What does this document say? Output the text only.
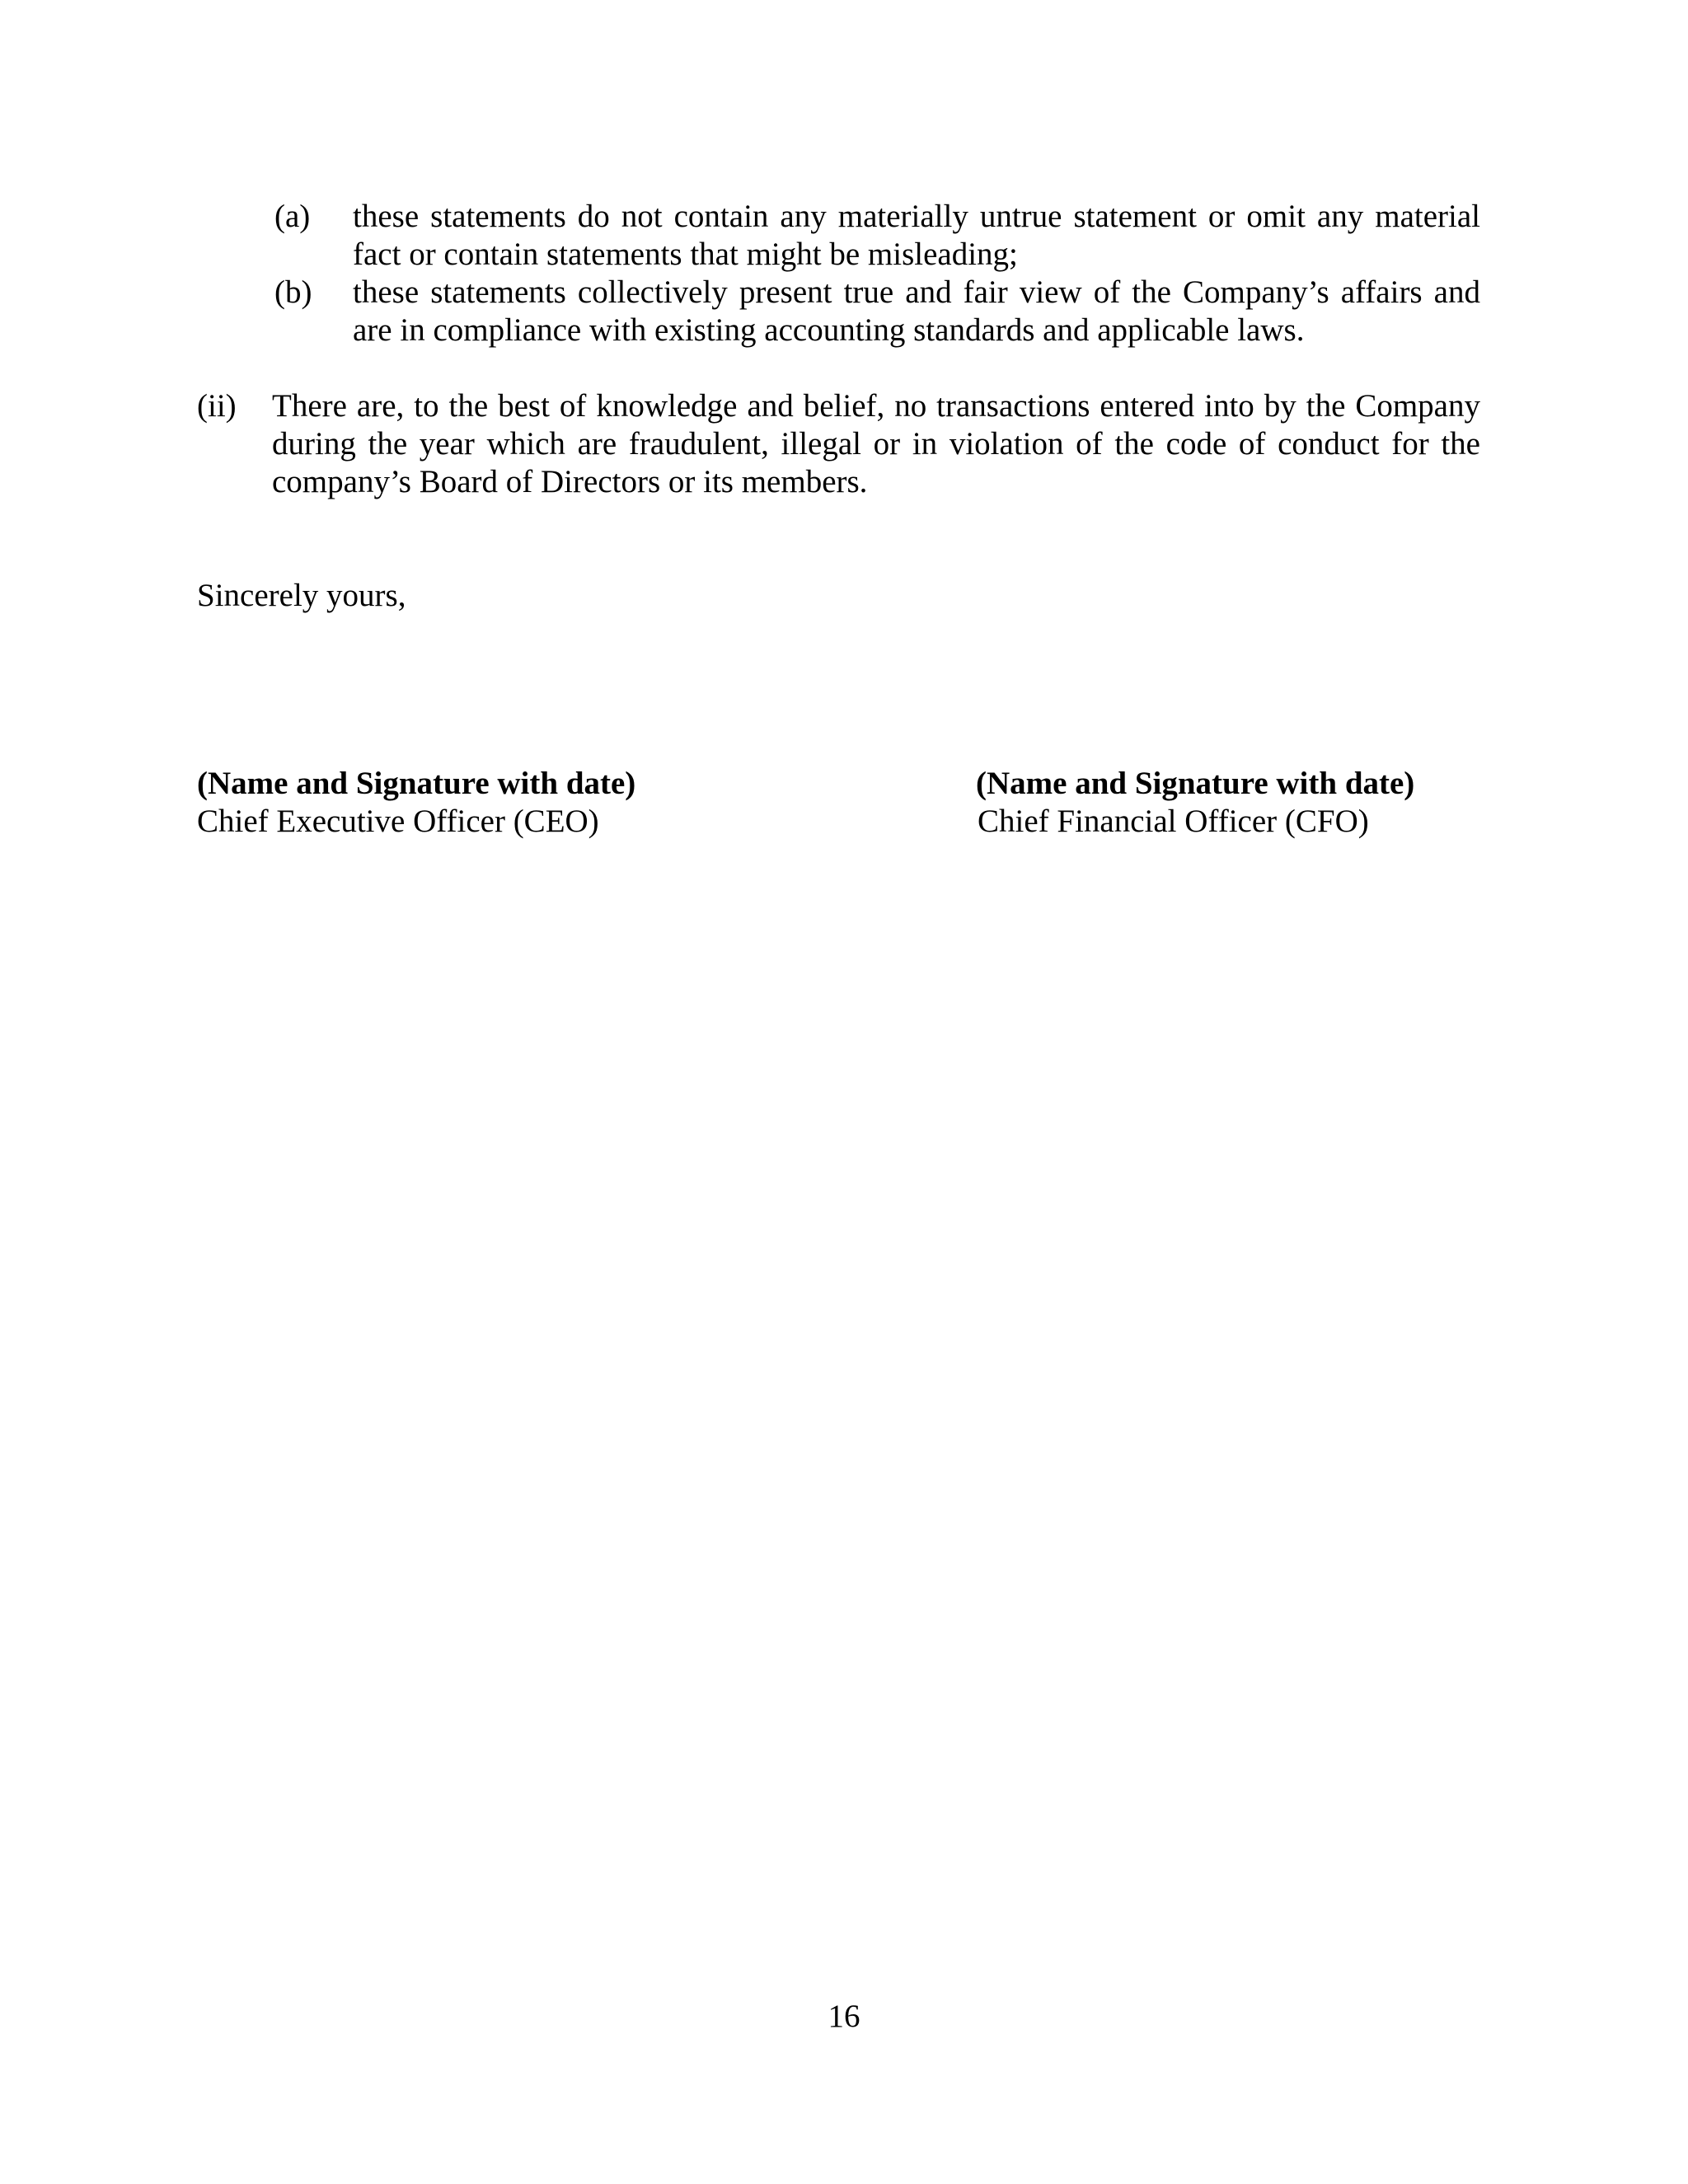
(a) these statements do not contain any materially untrue statement or omit any material fact or contain statements that might be misleading;
(b) these statements collectively present true and fair view of the Company’s affairs and are in compliance with existing accounting standards and applicable laws.
(ii) There are, to the best of knowledge and belief, no transactions entered into by the Company during the year which are fraudulent, illegal or in violation of the code of conduct for the company’s Board of Directors or its members.
Sincerely yours,
(Name and Signature with date)
Chief Executive Officer (CEO)
(Name and Signature with date)
Chief Financial Officer (CFO)
16
